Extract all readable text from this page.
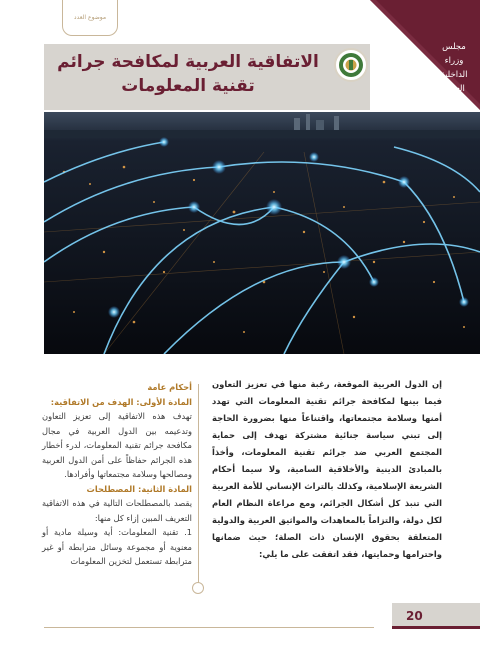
موضوع العدد
مجلس
وزراء
الداخلية
العرب
الاتفاقية العربية لمكافحة جرائم
تقنية المعلومات

إن الدول العربية الموقعة، رغبة منها في تعزيز التعاون فيما بينها لمكافحة جرائم تقنية المعلومات التي تهدد أمنها وسلامة مجتمعاتها، واقتناعاً منها بضرورة الحاجة إلى تبني سياسة جنائية مشتركة تهدف إلى حماية المجتمع العربي ضد جرائم تقنية المعلومات، وأخذاً بالمبادئ الدينية والأخلاقية السامية، ولا سيما أحكام الشريعة الإسلامية، وكذلك بالتراث الإنساني للأمة العربية التي تنبذ كل أشكال الجرائم، ومع مراعاة النظام العام لكل دولة، والتزاماً بالمعاهدات والمواثيق العربية والدولية المتعلقة بحقوق الإنسان ذات الصلة؛ حيث ضمانها واحترامها وحمايتها، فقد اتفقت على ما يلي:

أحكام عامة
المادة الأولى: الهدف من الاتفاقية:

تهدف هذه الاتفاقية إلى تعزيز التعاون وتدعيمه بين الدول العربية في مجال مكافحة جرائم تقنية المعلومات، لدرء أخطار هذه الجرائم حفاظاً على أمن الدول العربية ومصالحها وسلامة مجتمعاتها وأفرادها.

المادة الثانية: المصطلحات

يقصد بالمصطلحات التالية في هذه الاتفاقية التعريف المبين إزاء كل منها:

1. تقنية المعلومات: أية وسيلة مادية أو معنوية أو مجموعة وسائل مترابطة أو غير مترابطة تستعمل لتخزين المعلومات

20
